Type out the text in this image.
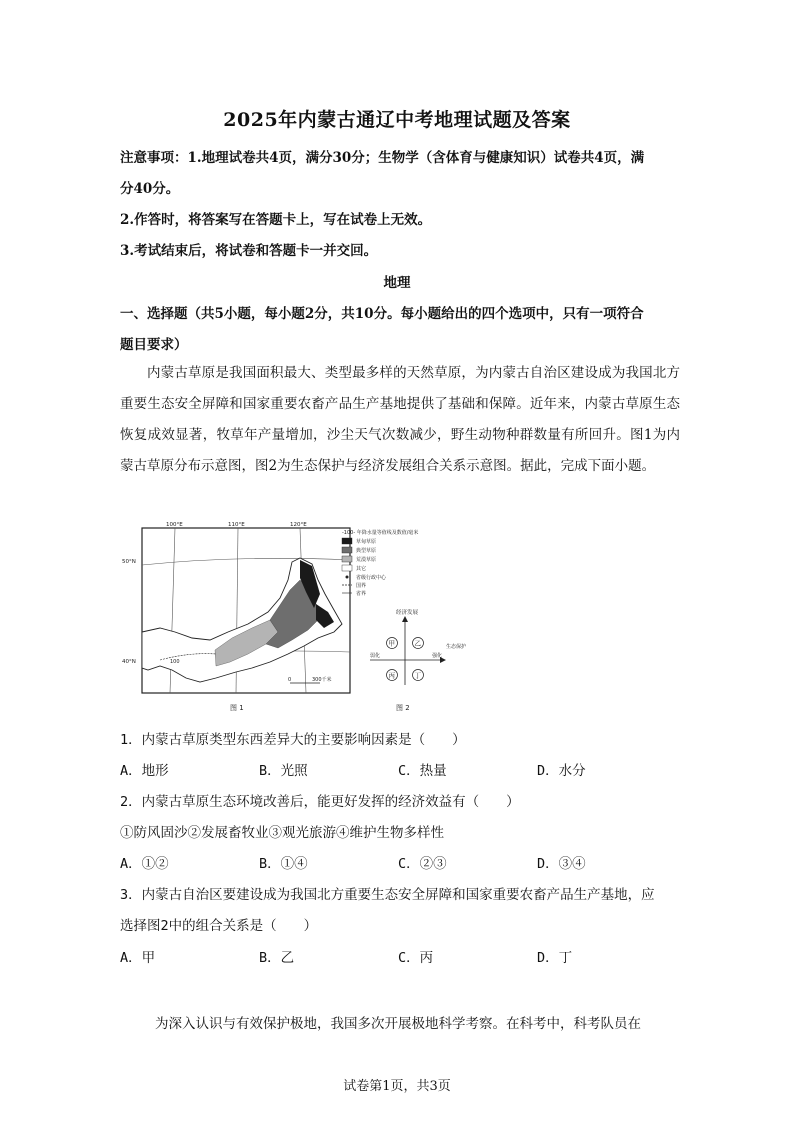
2025年内蒙古通辽中考地理试题及答案
注意事项：1.地理试卷共4页，满分30分；生物学（含体育与健康知识）试卷共4页，满
分40分。
2.作答时，将答案写在答题卡上，写在试卷上无效。
3.考试结束后，将试卷和答题卡一并交回。
地理
一、选择题（共5小题，每小题2分，共10分。每小题给出的四个选项中，只有一项符合
题目要求）
内蒙古草原是我国面积最大、类型最多样的天然草原，为内蒙古自治区建设成为我国北方重要生态安全屏障和国家重要农畜产品生产基地提供了基础和保障。近年来，内蒙古草原生态恢复成效显著，牧草年产量增加，沙尘天气次数减少，野生动物种群数量有所回升。图1为内蒙古草原分布示意图，图2为生态保护与经济发展组合关系示意图。据此，完成下面小题。
100
100°E	110°E	120°E
50°N
40°N
0	300千米
图 1
-100- 年降水量等值线及数值/毫米
草甸草原
典型草原
荒漠草原
其它
省级行政中心
国界
省界
经济发展
生态保护
弱化	强化
甲	乙
丙	丁
图 2
1．内蒙古草原类型东西差异大的主要影响因素是（　　）
A．地形	B．光照	C．热量	D．水分
2．内蒙古草原生态环境改善后，能更好发挥的经济效益有（　　）
①防风固沙②发展畜牧业③观光旅游④维护生物多样性
A．①②	B．①④	C．②③	D．③④
3．内蒙古自治区要建设成为我国北方重要生态安全屏障和国家重要农畜产品生产基地，应
选择图2中的组合关系是（　　）
A．甲	B．乙	C．丙	D．丁
为深入认识与有效保护极地，我国多次开展极地科学考察。在科考中，科考队员在
试卷第1页，共3页
